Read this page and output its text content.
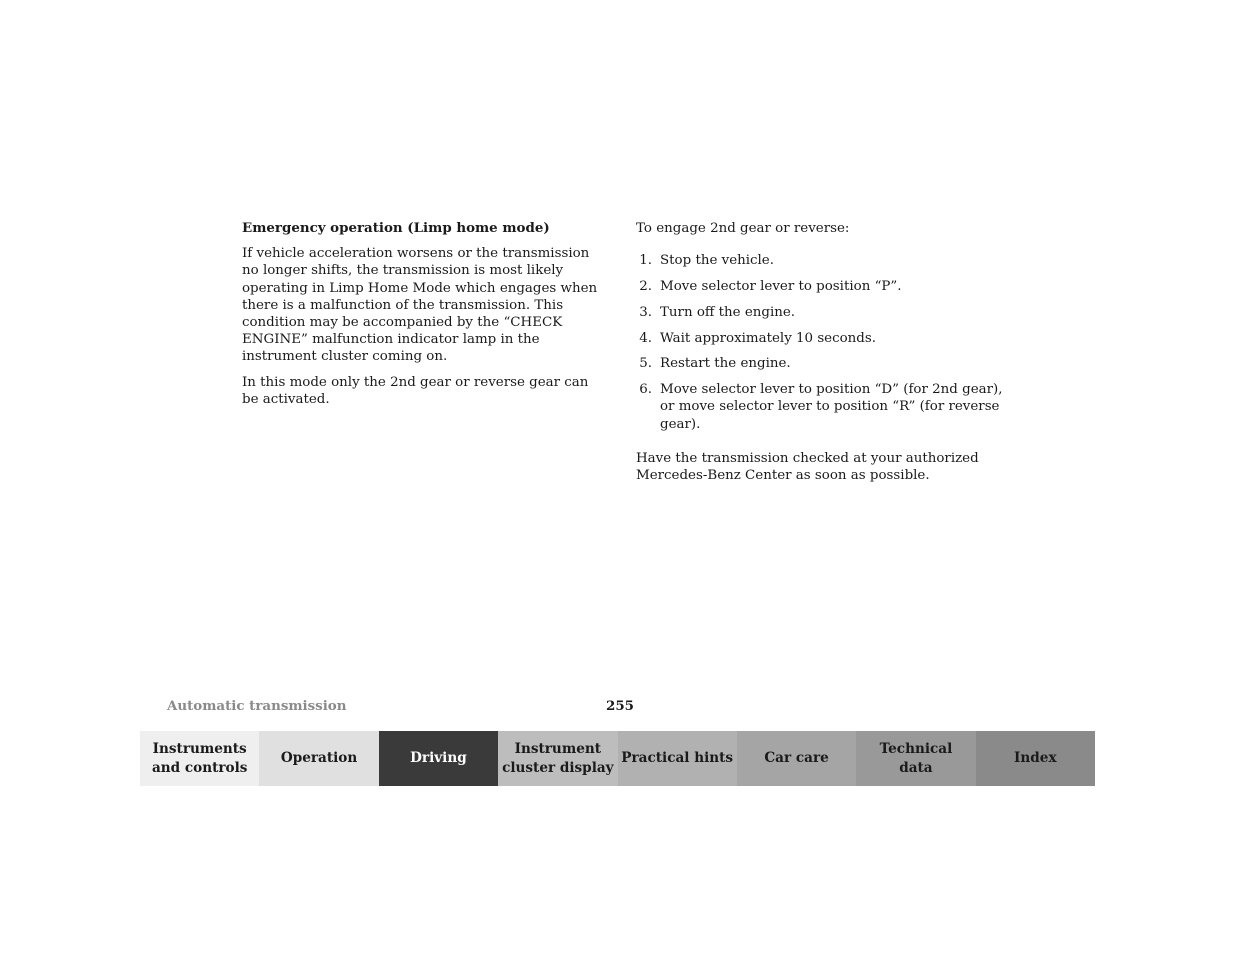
Emergency operation (Limp home mode)

If vehicle acceleration worsens or the transmission no longer shifts, the transmission is most likely operating in Limp Home Mode which engages when there is a malfunction of the transmission. This condition may be accompanied by the “CHECK ENGINE” malfunction indicator lamp in the instrument cluster coming on.

In this mode only the 2nd gear or reverse gear can be activated.

To engage 2nd gear or reverse:

1. Stop the vehicle.
2. Move selector lever to position “P”.
3. Turn off the engine.
4. Wait approximately 10 seconds.
5. Restart the engine.
6. Move selector lever to position “D” (for 2nd gear), or move selector lever to position “R” (for reverse gear).

Have the transmission checked at your authorized Mercedes-Benz Center as soon as possible.

Automatic transmission	255
Instruments
and controls
Operation	Driving
Instrument
cluster display
Practical hints	Car care
Technical
data
Index
